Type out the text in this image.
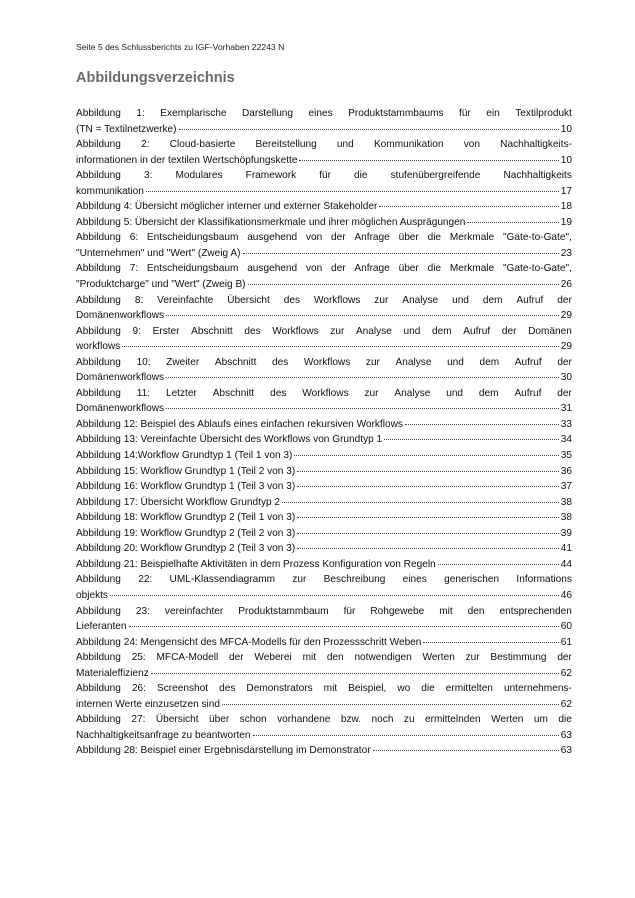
Seite 5 des Schlussberichts zu IGF-Vorhaben 22243 N
Abbildungsverzeichnis
Abbildung 1: Exemplarische Darstellung eines Produktstammbaums für ein Textilprodukt
(TN = Textilnetzwerke)	10
Abbildung 2: Cloud-basierte Bereitstellung und Kommunikation von Nachhaltigkeits-
informationen in der textilen Wertschöpfungskette	10
Abbildung 3: Modulares Framework für die stufenübergreifende Nachhaltigkeits
kommunikation	17
Abbildung 4: Übersicht möglicher interner und externer Stakeholder	18
Abbildung 5: Übersicht der Klassifikationsmerkmale und ihrer möglichen Ausprägungen	19
Abbildung 6: Entscheidungsbaum ausgehend von der Anfrage über die Merkmale "Gate-to-Gate",
"Unternehmen" und "Wert" (Zweig A)	23
Abbildung 7: Entscheidungsbaum ausgehend von der Anfrage über die Merkmale "Gate-to-Gate",
"Produktcharge" und "Wert" (Zweig B)	26
Abbildung 8: Vereinfachte Übersicht des Workflows zur Analyse und dem Aufruf der
Domänenworkflows	29
Abbildung 9: Erster Abschnitt des Workflows zur Analyse und dem Aufruf der Domänen
workflows	29
Abbildung 10: Zweiter Abschnitt des Workflows zur Analyse und dem Aufruf der
Domänenworkflows	30
Abbildung 11: Letzter Abschnitt des Workflows zur Analyse und dem Aufruf der
Domänenworkflows	31
Abbildung 12: Beispiel des Ablaufs eines einfachen rekursiven Workflows	33
Abbildung 13: Vereinfachte Übersicht des Workflows von Grundtyp 1	34
Abbildung 14:Workflow Grundtyp 1 (Teil 1 von 3)	35
Abbildung 15: Workflow Grundtyp 1 (Teil 2 von 3)	36
Abbildung 16: Workflow Grundtyp 1 (Teil 3 von 3)	37
Abbildung 17: Übersicht Workflow Grundtyp 2	38
Abbildung 18: Workflow Grundtyp 2 (Teil 1 von 3)	38
Abbildung 19: Workflow Grundtyp 2 (Teil 2 von 3)	39
Abbildung 20: Workflow Grundtyp 2 (Teil 3 von 3)	41
Abbildung 21: Beispielhafte Aktivitäten in dem Prozess Konfiguration von Regeln	44
Abbildung 22: UML-Klassendiagramm zur Beschreibung eines generischen Informations
objekts	46
Abbildung 23: vereinfachter Produktstammbaum für Rohgewebe mit den entsprechenden
Lieferanten	60
Abbildung 24: Mengensicht des MFCA-Modells für den Prozessschritt Weben	61
Abbildung 25: MFCA-Modell der Weberei mit den notwendigen Werten zur Bestimmung der
Materialeffizienz	62
Abbildung 26: Screenshot des Demonstrators mit Beispiel, wo die ermittelten unternehmens-
internen Werte einzusetzen sind	62
Abbildung 27: Übersicht über schon vorhandene bzw. noch zu ermittelnden Werten um die
Nachhaltigkeitsanfrage zu beantworten	63
Abbildung 28: Beispiel einer Ergebnisdarstellung im Demonstrator	63
